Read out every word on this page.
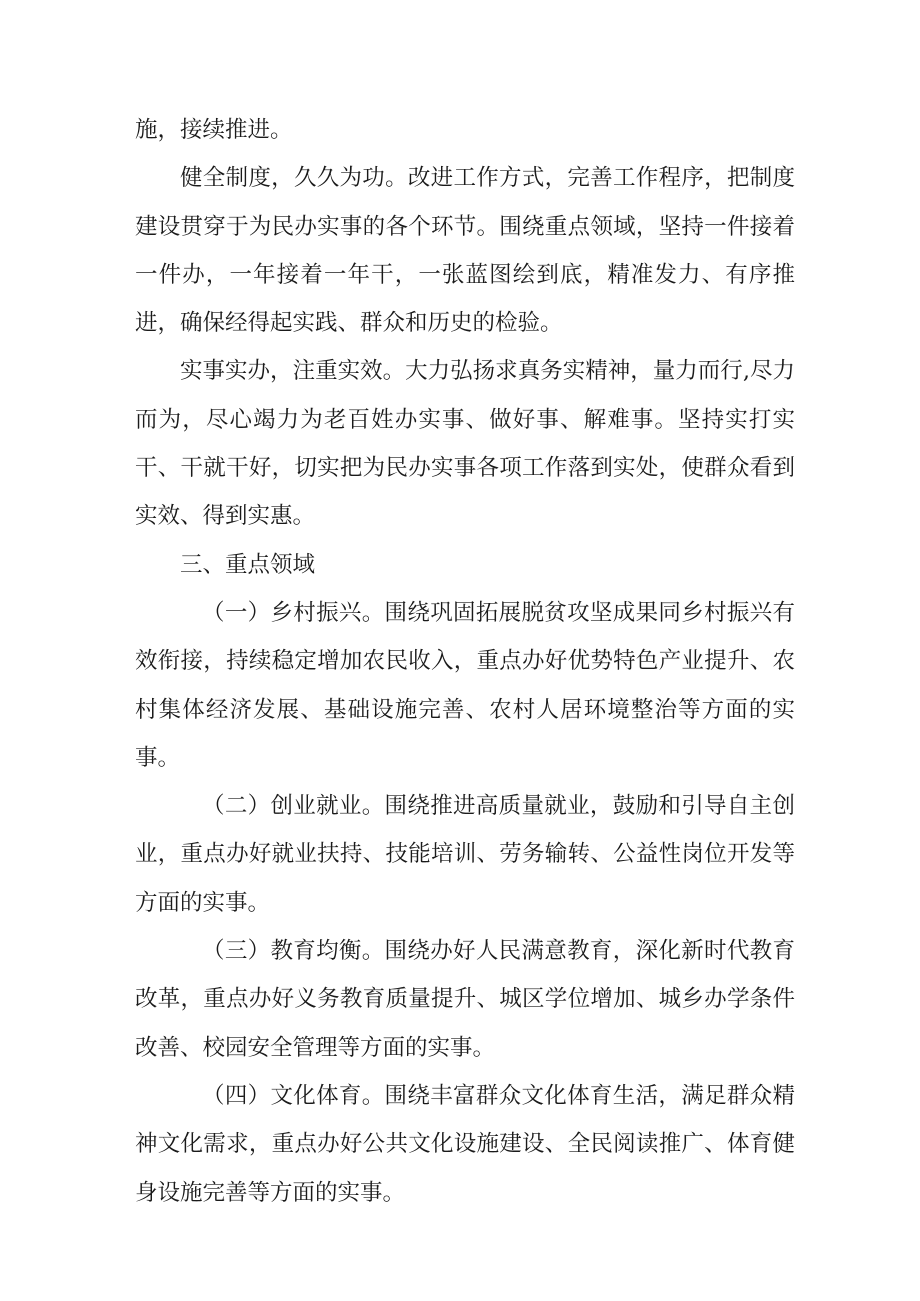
施，接续推进。

健全制度，久久为功。改进工作方式，完善工作程序，把制度建设贯穿于为民办实事的各个环节。围绕重点领域，坚持一件接着一件办，一年接着一年干，一张蓝图绘到底，精准发力、有序推进，确保经得起实践、群众和历史的检验。

实事实办，注重实效。大力弘扬求真务实精神，量力而行,尽力而为，尽心竭力为老百姓办实事、做好事、解难事。坚持实打实干、干就干好，切实把为民办实事各项工作落到实处，使群众看到实效、得到实惠。

三、重点领域

（一）乡村振兴。围绕巩固拓展脱贫攻坚成果同乡村振兴有效衔接，持续稳定增加农民收入，重点办好优势特色产业提升、农村集体经济发展、基础设施完善、农村人居环境整治等方面的实事。

（二）创业就业。围绕推进高质量就业，鼓励和引导自主创业，重点办好就业扶持、技能培训、劳务输转、公益性岗位开发等方面的实事。

（三）教育均衡。围绕办好人民满意教育，深化新时代教育改革，重点办好义务教育质量提升、城区学位增加、城乡办学条件改善、校园安全管理等方面的实事。

（四）文化体育。围绕丰富群众文化体育生活，满足群众精神文化需求，重点办好公共文化设施建设、全民阅读推广、体育健身设施完善等方面的实事。
